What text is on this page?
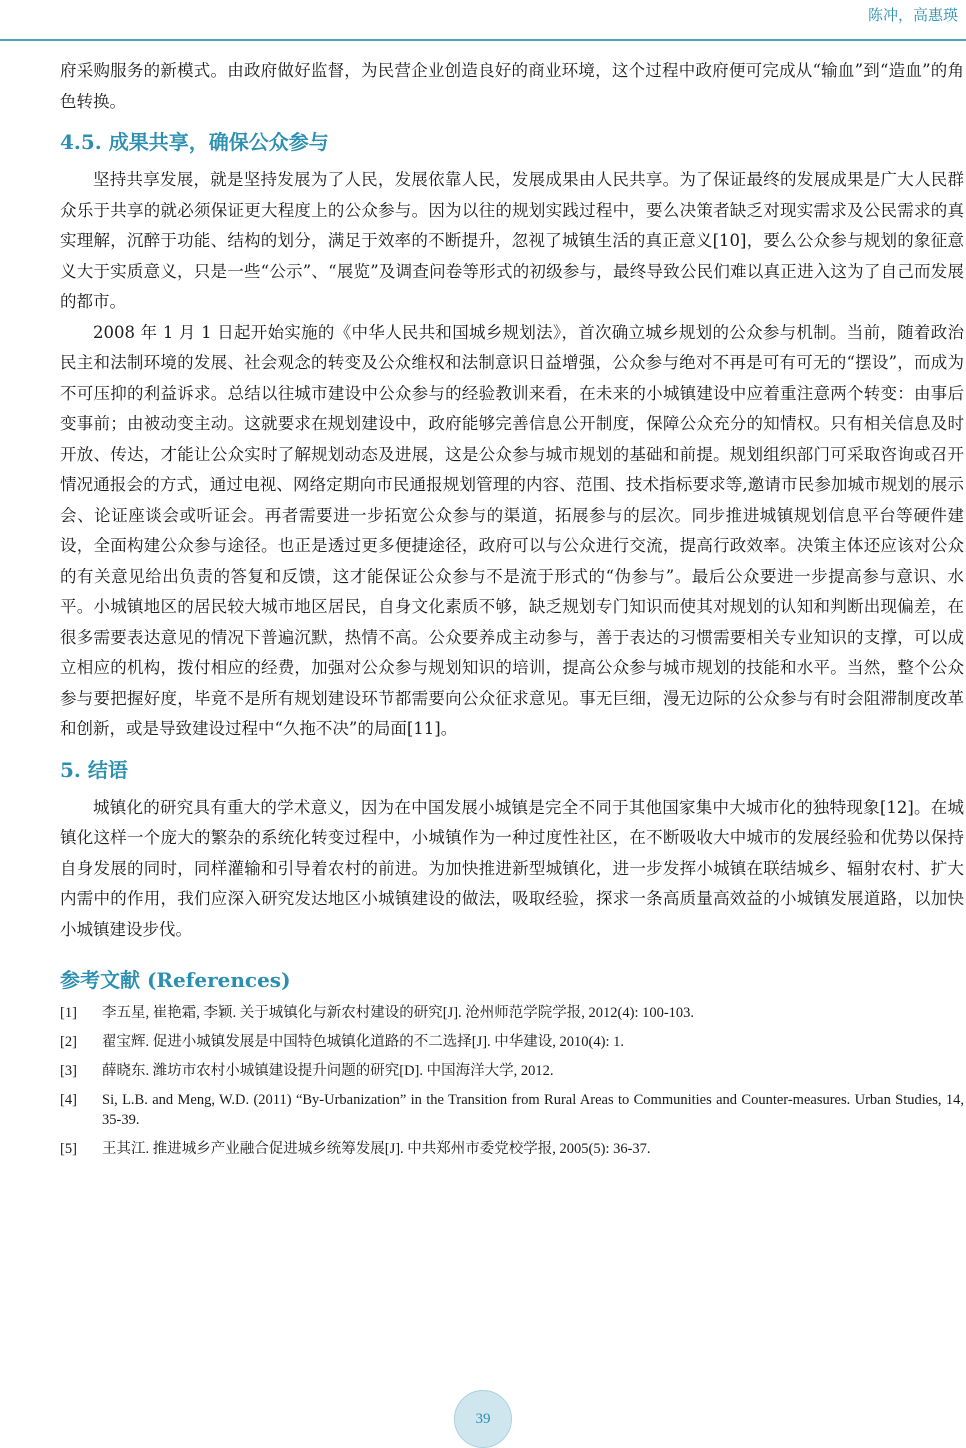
陈冲，高惠瑛

府采购服务的新模式。由政府做好监督，为民营企业创造良好的商业环境，这个过程中政府便可完成从“输血”到“造血”的角色转换。

4.5. 成果共享，确保公众参与

坚持共享发展，就是坚持发展为了人民，发展依靠人民，发展成果由人民共享。为了保证最终的发展成果是广大人民群众乐于共享的就必须保证更大程度上的公众参与。因为以往的规划实践过程中，要么决策者缺乏对现实需求及公民需求的真实理解，沉醉于功能、结构的划分，满足于效率的不断提升，忽视了城镇生活的真正意义[10]，要么公众参与规划的象征意义大于实质意义，只是一些“公示”、“展览”及调查问卷等形式的初级参与，最终导致公民们难以真正进入这为了自己而发展的都市。

2008 年 1 月 1 日起开始实施的《中华人民共和国城乡规划法》，首次确立城乡规划的公众参与机制。当前，随着政治民主和法制环境的发展、社会观念的转变及公众维权和法制意识日益增强，公众参与绝对不再是可有可无的“摆设”，而成为不可压抑的利益诉求。总结以往城市建设中公众参与的经验教训来看，在未来的小城镇建设中应着重注意两个转变：由事后变事前；由被动变主动。这就要求在规划建设中，政府能够完善信息公开制度，保障公众充分的知情权。只有相关信息及时开放、传达，才能让公众实时了解规划动态及进展，这是公众参与城市规划的基础和前提。规划组织部门可采取咨询或召开情况通报会的方式，通过电视、网络定期向市民通报规划管理的内容、范围、技术指标要求等,邀请市民参加城市规划的展示会、论证座谈会或听证会。再者需要进一步拓宽公众参与的渠道，拓展参与的层次。同步推进城镇规划信息平台等硬件建设，全面构建公众参与途径。也正是透过更多便捷途径，政府可以与公众进行交流，提高行政效率。决策主体还应该对公众的有关意见给出负责的答复和反馈，这才能保证公众参与不是流于形式的“伪参与”。最后公众要进一步提高参与意识、水平。小城镇地区的居民较大城市地区居民，自身文化素质不够，缺乏规划专门知识而使其对规划的认知和判断出现偏差，在很多需要表达意见的情况下普遍沉默，热情不高。公众要养成主动参与，善于表达的习惯需要相关专业知识的支撑，可以成立相应的机构，拨付相应的经费，加强对公众参与规划知识的培训，提高公众参与城市规划的技能和水平。当然，整个公众参与要把握好度，毕竟不是所有规划建设环节都需要向公众征求意见。事无巨细，漫无边际的公众参与有时会阻滞制度改革和创新，或是导致建设过程中“久拖不决”的局面[11]。

5. 结语

城镇化的研究具有重大的学术意义，因为在中国发展小城镇是完全不同于其他国家集中大城市化的独特现象[12]。在城镇化这样一个庞大的繁杂的系统化转变过程中，小城镇作为一种过度性社区，在不断吸收大中城市的发展经验和优势以保持自身发展的同时，同样灌输和引导着农村的前进。为加快推进新型城镇化，进一步发挥小城镇在联结城乡、辐射农村、扩大内需中的作用，我们应深入研究发达地区小城镇建设的做法，吸取经验，探求一条高质量高效益的小城镇发展道路，以加快小城镇建设步伐。

参考文献 (References)
[1]	李五星, 崔艳霜, 李颖. 关于城镇化与新农村建设的研究[J]. 沧州师范学院学报, 2012(4): 100-103.
[2]	翟宝辉. 促进小城镇发展是中国特色城镇化道路的不二选择[J]. 中华建设, 2010(4): 1.
[3]	薛晓东. 潍坊市农村小城镇建设提升问题的研究[D]. 中国海洋大学, 2012.
[4]	Si, L.B. and Meng, W.D. (2011) “By-Urbanization” in the Transition from Rural Areas to Communities and Counter-measures. Urban Studies, 14, 35-39.
[5]	王其江. 推进城乡产业融合促进城乡统筹发展[J]. 中共郑州市委党校学报, 2005(5): 36-37.
39
